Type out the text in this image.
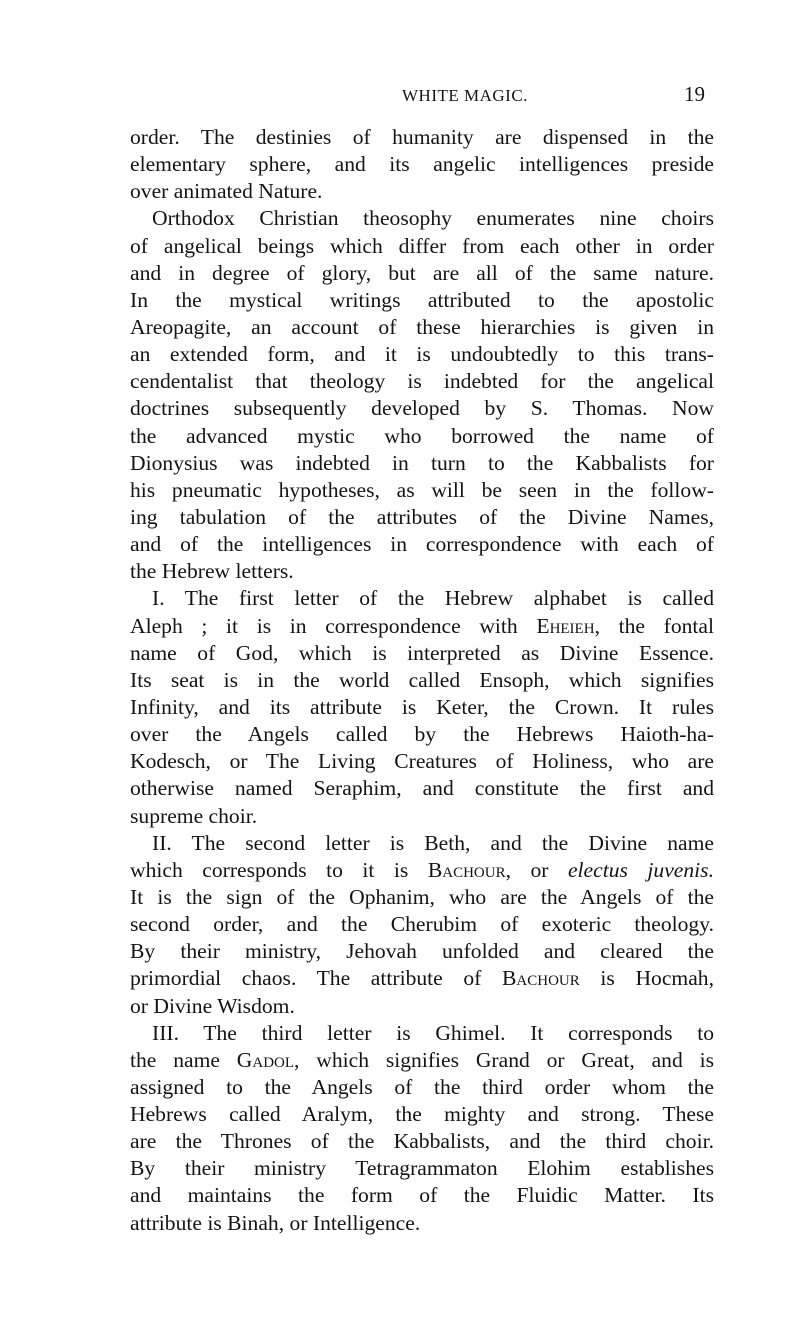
WHITE MAGIC.	19
order. The destinies of humanity are dispensed in the
elementary sphere, and its angelic intelligences preside
over animated Nature.
Orthodox Christian theosophy enumerates nine choirs
of angelical beings which differ from each other in order
and in degree of glory, but are all of the same nature.
In the mystical writings attributed to the apostolic
Areopagite, an account of these hierarchies is given in
an extended form, and it is undoubtedly to this trans-
cendentalist that theology is indebted for the angelical
doctrines subsequently developed by S. Thomas. Now
the advanced mystic who borrowed the name of
Dionysius was indebted in turn to the Kabbalists for
his pneumatic hypotheses, as will be seen in the follow-
ing tabulation of the attributes of the Divine Names,
and of the intelligences in correspondence with each of
the Hebrew letters.
I. The first letter of the Hebrew alphabet is called
Aleph ; it is in correspondence with Eheieh, the fontal
name of God, which is interpreted as Divine Essence.
Its seat is in the world called Ensoph, which signifies
Infinity, and its attribute is Keter, the Crown. It rules
over the Angels called by the Hebrews Haioth-ha-
Kodesch, or The Living Creatures of Holiness, who are
otherwise named Seraphim, and constitute the first and
supreme choir.
II. The second letter is Beth, and the Divine name
which corresponds to it is Bachour, or electus juvenis.
It is the sign of the Ophanim, who are the Angels of the
second order, and the Cherubim of exoteric theology.
By their ministry, Jehovah unfolded and cleared the
primordial chaos. The attribute of Bachour is Hocmah,
or Divine Wisdom.
III. The third letter is Ghimel. It corresponds to
the name Gadol, which signifies Grand or Great, and is
assigned to the Angels of the third order whom the
Hebrews called Aralym, the mighty and strong. These
are the Thrones of the Kabbalists, and the third choir.
By their ministry Tetragrammaton Elohim establishes
and maintains the form of the Fluidic Matter. Its
attribute is Binah, or Intelligence.
